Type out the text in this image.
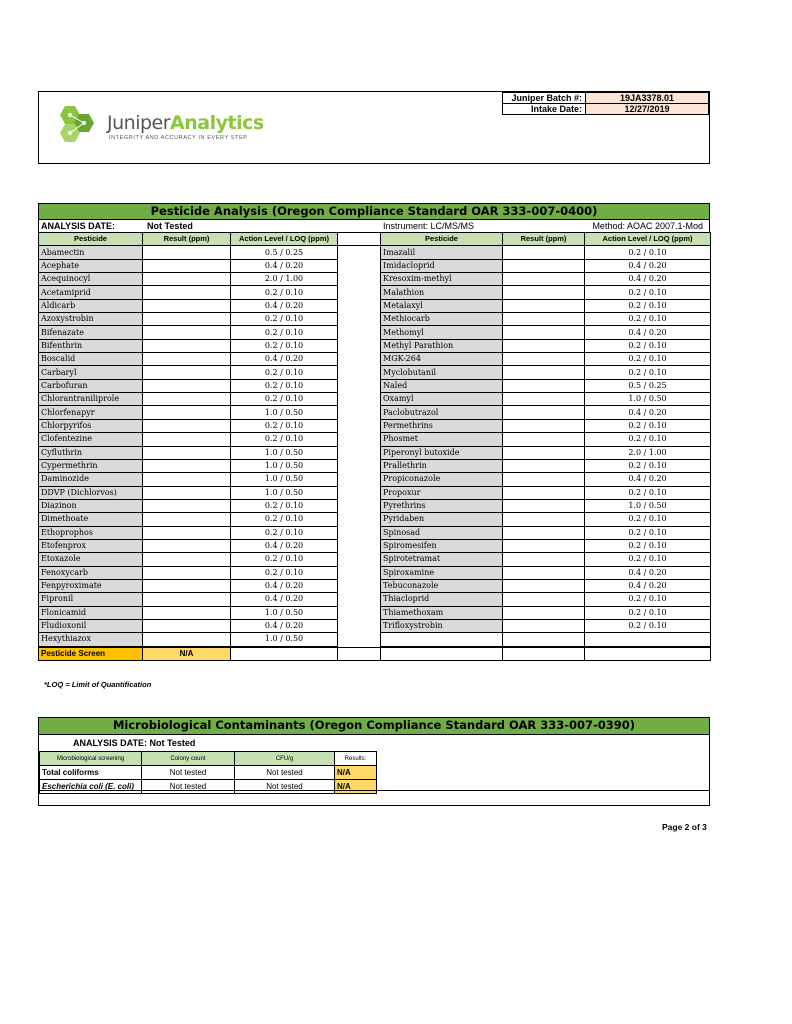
JuniperAnalytics
INTEGRITY AND ACCURACY IN EVERY STEP
Juniper Batch #:	19JA3378.01
Intake Date:	12/27/2019
Pesticide Analysis (Oregon Compliance Standard OAR 333-007-0400)
ANALYSIS DATE:	Not Tested	Instrument: LC/MS/MS	Method: AOAC 2007.1-Mod
Pesticide	Result (ppm)	Action Level / LOQ (ppm)		Pesticide	Result (ppm)	Action Level / LOQ (ppm)
Abamectin		0.5 / 0.25		Imazalil		0.2 / 0.10
Acephate		0.4 / 0.20		Imidacloprid		0.4 / 0.20
Acequinocyl		2.0 / 1.00		Kresoxim-methyl		0.4 / 0.20
Acetamiprid		0.2 / 0.10		Malathion		0.2 / 0.10
Aldicarb		0.4 / 0.20		Metalaxyl		0.2 / 0.10
Azoxystrobin		0.2 / 0.10		Methiocarb		0.2 / 0.10
Bifenazate		0.2 / 0.10		Methomyl		0.4 / 0.20
Bifenthrin		0.2 / 0.10		Methyl Parathion		0.2 / 0.10
Boscalid		0.4 / 0.20		MGK-264		0.2 / 0.10
Carbaryl		0.2 / 0.10		Myclobutanil		0.2 / 0.10
Carbofuran		0.2 / 0.10		Naled		0.5 / 0.25
Chlorantraniliprole		0.2 / 0.10		Oxamyl		1.0 / 0.50
Chlorfenapyr		1.0 / 0.50		Paclobutrazol		0.4 / 0.20
Chlorpyrifos		0.2 / 0.10		Permethrins		0.2 / 0.10
Clofentezine		0.2 / 0.10		Phosmet		0.2 / 0.10
Cyfluthrin		1.0 / 0.50		Piperonyl butoxide		2.0 / 1.00
Cypermethrin		1.0 / 0.50		Prallethrin		0.2 / 0.10
Daminozide		1.0 / 0.50		Propiconazole		0.4 / 0.20
DDVP (Dichlorvos)		1.0 / 0.50		Propoxur		0.2 / 0.10
Diazinon		0.2 / 0.10		Pyrethrins		1.0 / 0.50
Dimethoate		0.2 / 0.10		Pyridaben		0.2 / 0.10
Ethoprophos		0.2 / 0.10		Spinosad		0.2 / 0.10
Etofenprox		0.4 / 0.20		Spiromesifen		0.2 / 0.10
Etoxazole		0.2 / 0.10		Spirotetramat		0.2 / 0.10
Fenoxycarb		0.2 / 0.10		Spiroxamine		0.4 / 0.20
Fenpyroximate		0.4 / 0.20		Tebuconazole		0.4 / 0.20
Fipronil		0.4 / 0.20		Thiacloprid		0.2 / 0.10
Flonicamid		1.0 / 0.50		Thiamethoxam		0.2 / 0.10
Fludioxonil		0.4 / 0.20		Trifloxystrobin		0.2 / 0.10
Hexythiazox		1.0 / 0.50				
Pesticide Screen	N/A					
*LOQ = Limit of Quantification
Microbiological Contaminants (Oregon Compliance Standard OAR 333-007-0390)
ANALYSIS DATE: Not Tested
Microbiological screening	Colony count	CFU/g	Results:
Total coliforms	Not tested	Not tested	N/A
Escherichia coli (E. coli)	Not tested	Not tested	N/A
Page 2 of 3
